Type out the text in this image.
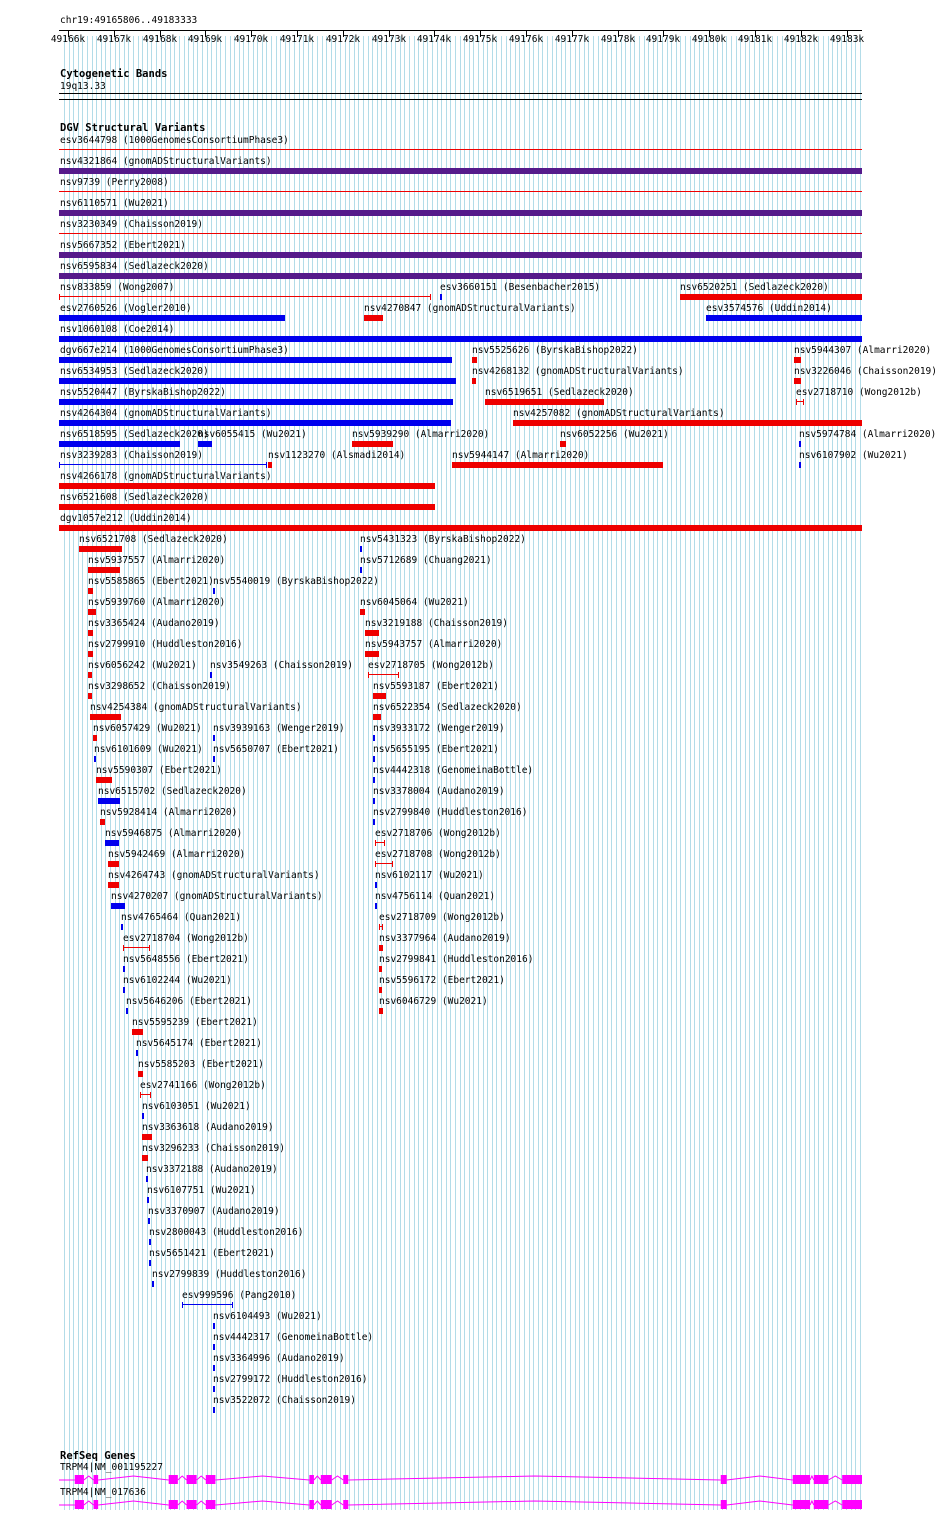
chr19:49165806..49183333
49166k 49167k 49168k 49169k 49170k 49171k 49172k 49173k 49174k 49175k 49176k 49177k 49178k 49179k 49180k 49181k 49182k 49183k
Cytogenetic Bands
19q13.33
DGV Structural Variants
esv3644798 (1000GenomesConsortiumPhase3)
nsv4321864 (gnomADStructuralVariants)
nsv9739 (Perry2008)
nsv6110571 (Wu2021)
nsv3230349 (Chaisson2019)
nsv5667352 (Ebert2021)
nsv6595834 (Sedlazeck2020)
nsv833859 (Wong2007)	esv3660151 (Besenbacher2015)	nsv6520251 (Sedlazeck2020)
esv2760526 (Vogler2010)	nsv4270847 (gnomADStructuralVariants)	esv3574576 (Uddin2014)
nsv1060108 (Coe2014)
dgv667e214 (1000GenomesConsortiumPhase3)	nsv5525626 (ByrskaBishop2022)	nsv5944307 (Almarri2020)
nsv6534953 (Sedlazeck2020)	nsv4268132 (gnomADStructuralVariants)	nsv3226046 (Chaisson2019)
nsv5520447 (ByrskaBishop2022)	nsv6519651 (Sedlazeck2020)	esv2718710 (Wong2012b)
nsv4264304 (gnomADStructuralVariants)	nsv4257082 (gnomADStructuralVariants)
nsv6518595 (Sedlazeck2020)
nsv6055415 (Wu2021)	nsv5939290 (Almarri2020)	nsv6052256 (Wu2021)	nsv5974784 (Almarri2020)
nsv3239283 (Chaisson2019)	nsv1123270 (Alsmadi2014)	nsv5944147 (Almarri2020)	nsv6107902 (Wu2021)
nsv4266178 (gnomADStructuralVariants)
nsv6521608 (Sedlazeck2020)
dgv1057e212 (Uddin2014)
nsv6521708 (Sedlazeck2020)	nsv5431323 (ByrskaBishop2022)
nsv5937557 (Almarri2020)	nsv5712689 (Chuang2021)
nsv5585865 (Ebert2021) nsv5540019 (ByrskaBishop2022)
nsv5939760 (Almarri2020)	nsv6045064 (Wu2021)
nsv3365424 (Audano2019)	nsv3219188 (Chaisson2019)
nsv2799910 (Huddleston2016)	nsv5943757 (Almarri2020)
nsv6056242 (Wu2021) nsv3549263 (Chaisson2019) esv2718705 (Wong2012b)
nsv3298652 (Chaisson2019)	nsv5593187 (Ebert2021)
nsv4254384 (gnomADStructuralVariants)	nsv6522354 (Sedlazeck2020)
nsv6057429 (Wu2021) nsv3939163 (Wenger2019)	nsv3933172 (Wenger2019)
nsv6101609 (Wu2021) nsv5650707 (Ebert2021)	nsv5655195 (Ebert2021)
nsv5590307 (Ebert2021)	nsv4442318 (GenomeinaBottle)
nsv6515702 (Sedlazeck2020)	nsv3378004 (Audano2019)
nsv5928414 (Almarri2020)	nsv2799840 (Huddleston2016)
nsv5946875 (Almarri2020)	esv2718706 (Wong2012b)
nsv5942469 (Almarri2020)	esv2718708 (Wong2012b)
nsv4264743 (gnomADStructuralVariants)	nsv6102117 (Wu2021)
nsv4270207 (gnomADStructuralVariants)	nsv4756114 (Quan2021)
nsv4765464 (Quan2021)	esv2718709 (Wong2012b)
esv2718704 (Wong2012b)	nsv3377964 (Audano2019)
nsv5648556 (Ebert2021)	nsv2799841 (Huddleston2016)
nsv6102244 (Wu2021)	nsv5596172 (Ebert2021)
nsv5646206 (Ebert2021)	nsv6046729 (Wu2021)
nsv5595239 (Ebert2021)
nsv5645174 (Ebert2021)
nsv5585203 (Ebert2021)
esv2741166 (Wong2012b)
nsv6103051 (Wu2021)
nsv3363618 (Audano2019)
nsv3296233 (Chaisson2019)
nsv3372188 (Audano2019)
nsv6107751 (Wu2021)
nsv3370907 (Audano2019)
nsv2800043 (Huddleston2016)
nsv5651421 (Ebert2021)
nsv2799839 (Huddleston2016)
esv999596 (Pang2010)
nsv6104493 (Wu2021)
nsv4442317 (GenomeinaBottle)
nsv3364996 (Audano2019)
nsv2799172 (Huddleston2016)
nsv3522072 (Chaisson2019)
RefSeq Genes
TRPM4|NM_001195227
TRPM4|NM_017636
